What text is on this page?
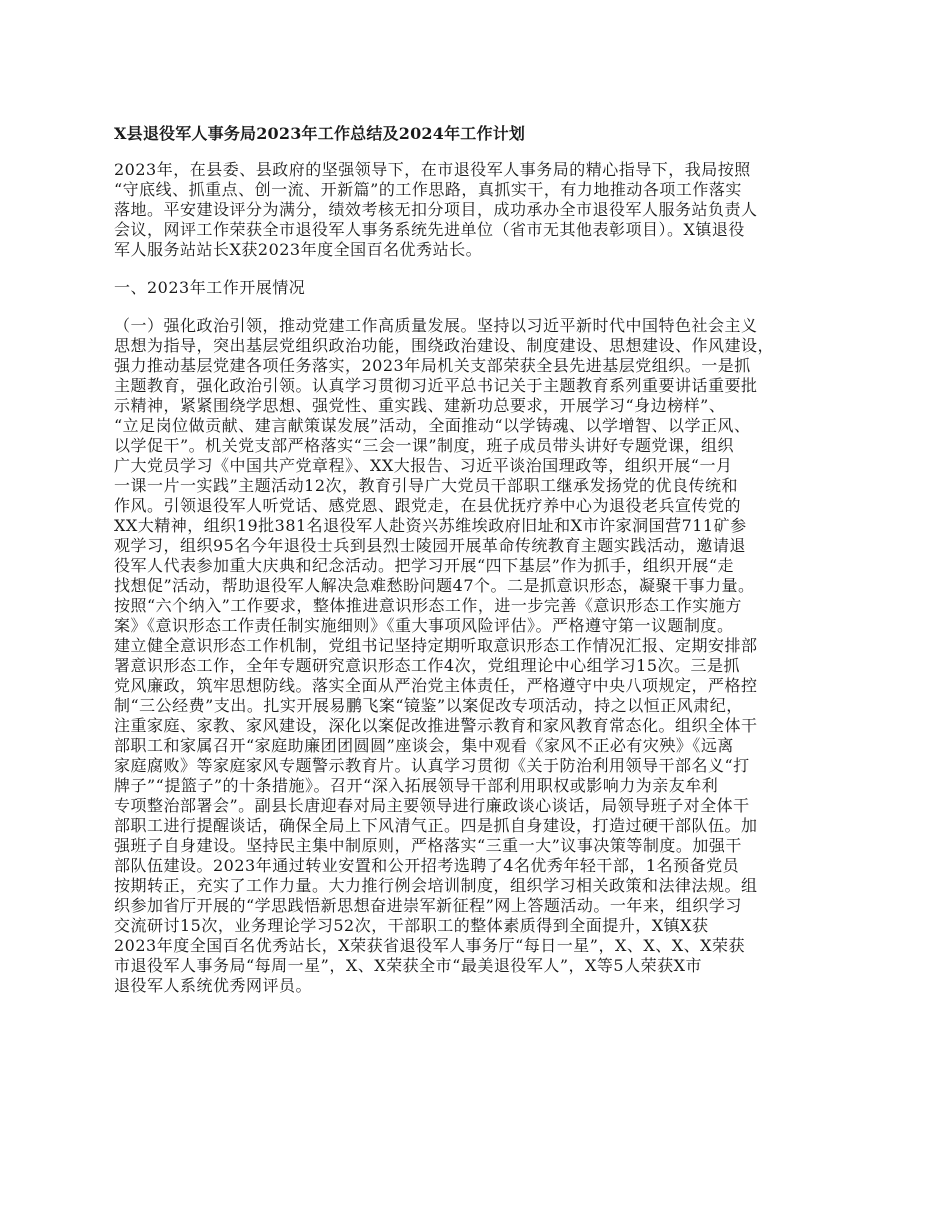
X县退役军人事务局2023年工作总结及2024年工作计划

2023年，在县委、县政府的坚强领导下，在市退役军人事务局的精心指导下，我局按照
“守底线、抓重点、创一流、开新篇”的工作思路，真抓实干，有力地推动各项工作落实
落地。平安建设评分为满分，绩效考核无扣分项目，成功承办全市退役军人服务站负责人
会议，网评工作荣获全市退役军人事务系统先进单位（省市无其他表彰项目）。X镇退役
军人服务站站长X获2023年度全国百名优秀站长。

一、2023年工作开展情况

（一）强化政治引领，推动党建工作高质量发展。坚持以习近平新时代中国特色社会主义
思想为指导，突出基层党组织政治功能，围绕政治建设、制度建设、思想建设、作风建设，
强力推动基层党建各项任务落实，2023年局机关支部荣获全县先进基层党组织。一是抓
主题教育，强化政治引领。认真学习贯彻习近平总书记关于主题教育系列重要讲话重要批
示精神，紧紧围绕学思想、强党性、重实践、建新功总要求，开展学习“身边榜样”、
“立足岗位做贡献、建言献策谋发展”活动，全面推动“以学铸魂、以学增智、以学正风、
以学促干”。机关党支部严格落实“三会一课”制度，班子成员带头讲好专题党课，组织
广大党员学习《中国共产党章程》、XX大报告、习近平谈治国理政等，组织开展“一月
一课一片一实践”主题活动12次，教育引导广大党员干部职工继承发扬党的优良传统和
作风。引领退役军人听党话、感党恩、跟党走，在县优抚疗养中心为退役老兵宣传党的
XX大精神，组织19批381名退役军人赴资兴苏维埃政府旧址和X市许家洞国营711矿参
观学习，组织95名今年退役士兵到县烈士陵园开展革命传统教育主题实践活动，邀请退
役军人代表参加重大庆典和纪念活动。把学习开展“四下基层”作为抓手，组织开展“走
找想促”活动，帮助退役军人解决急难愁盼问题47个。二是抓意识形态，凝聚干事力量。
按照“六个纳入”工作要求，整体推进意识形态工作，进一步完善《意识形态工作实施方
案》《意识形态工作责任制实施细则》《重大事项风险评估》。严格遵守第一议题制度。
建立健全意识形态工作机制，党组书记坚持定期听取意识形态工作情况汇报、定期安排部
署意识形态工作，全年专题研究意识形态工作4次，党组理论中心组学习15次。三是抓
党风廉政，筑牢思想防线。落实全面从严治党主体责任，严格遵守中央八项规定，严格控
制“三公经费”支出。扎实开展易鹏飞案“镜鉴”以案促改专项活动，持之以恒正风肃纪，
注重家庭、家教、家风建设，深化以案促改推进警示教育和家风教育常态化。组织全体干
部职工和家属召开“家庭助廉团团圆圆”座谈会，集中观看《家风不正必有灾殃》《远离
家庭腐败》等家庭家风专题警示教育片。认真学习贯彻《关于防治利用领导干部名义“打
牌子”“提篮子”的十条措施》。召开“深入拓展领导干部利用职权或影响力为亲友牟利
专项整治部署会”。副县长唐迎春对局主要领导进行廉政谈心谈话，局领导班子对全体干
部职工进行提醒谈话，确保全局上下风清气正。四是抓自身建设，打造过硬干部队伍。加
强班子自身建设。坚持民主集中制原则，严格落实“三重一大”议事决策等制度。加强干
部队伍建设。2023年通过转业安置和公开招考选聘了4名优秀年轻干部，1名预备党员
按期转正，充实了工作力量。大力推行例会培训制度，组织学习相关政策和法律法规。组
织参加省厅开展的“学思践悟新思想奋进崇军新征程”网上答题活动。一年来，组织学习
交流研讨15次，业务理论学习52次，干部职工的整体素质得到全面提升，X镇X获
2023年度全国百名优秀站长，X荣获省退役军人事务厅“每日一星”，X、X、X、X荣获
市退役军人事务局“每周一星”，X、X荣获全市“最美退役军人”，X等5人荣获X市
退役军人系统优秀网评员。
